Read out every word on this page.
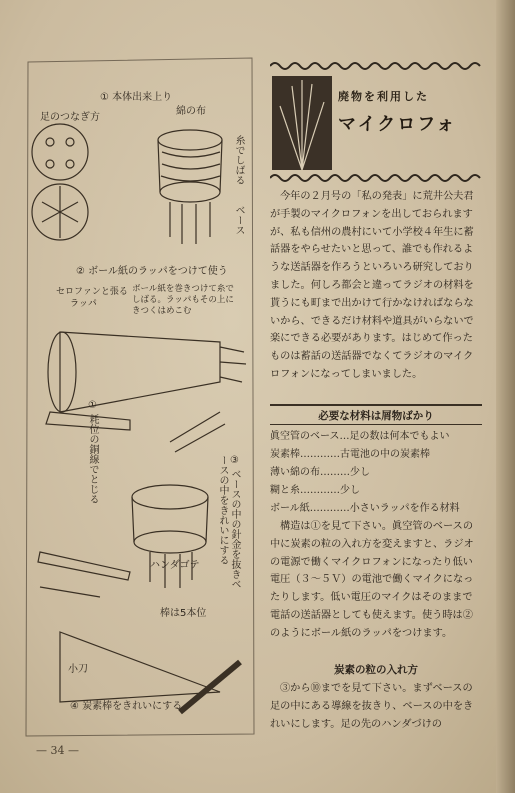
① 本体出来上り
足のつなぎ方
綿の布
糸でしばる
ベース
② ボール紙のラッパをつけて使う
セロファンと張る
ラッパ
ボール紙を巻きつけて糸でしばる。ラッパもその上にきつくはめこむ
① 耗位の銅線でとじる
③ ベースの中の針金を抜きベースの中をきれいにする
ハンダゴテ
棒は5本位
小刀
④ 炭素棒をきれいにする
— 34 —
廃物を利用した
マイクロフォ

今年の２月号の「私の発表」に荒井公夫君が手製のマイクロフォンを出しておられますが、私も信州の農村にいて小学校４年生に蓄話器をやらせたいと思って、誰でも作れるような送話器を作ろうといろいろ研究しておりました。何しろ都会と違ってラジオの材料を貰うにも町まで出かけて行かなければならないから、できるだけ材料や道具がいらないで楽にできる必要があります。はじめて作ったものは蓄話の送話器でなくてラジオのマイクロフォンになってしまいました。

必要な材料は屑物ばかり
眞空管のベース…足の数は何本でもよい
炭素棒…………古電池の中の炭素棒
薄い綿の布………少し
糊と糸…………少し
ボール紙…………小さいラッパを作る材料

構造は①を見て下さい。眞空管のベースの中に炭素の粒の入れ方を変えますと、ラジオの電源で働くマイクロフォンになったり低い電圧（３～５Ｖ）の電池で働くマイクになったりします。低い電圧のマイクはそのままで電話の送話器としても使えます。使う時は②のようにボール紙のラッパをつけます。

炭素の粒の入れ方

③から⑩までを見て下さい。まずベースの足の中にある導線を抜きり、ベースの中をきれいにします。足の先のハンダづけの
